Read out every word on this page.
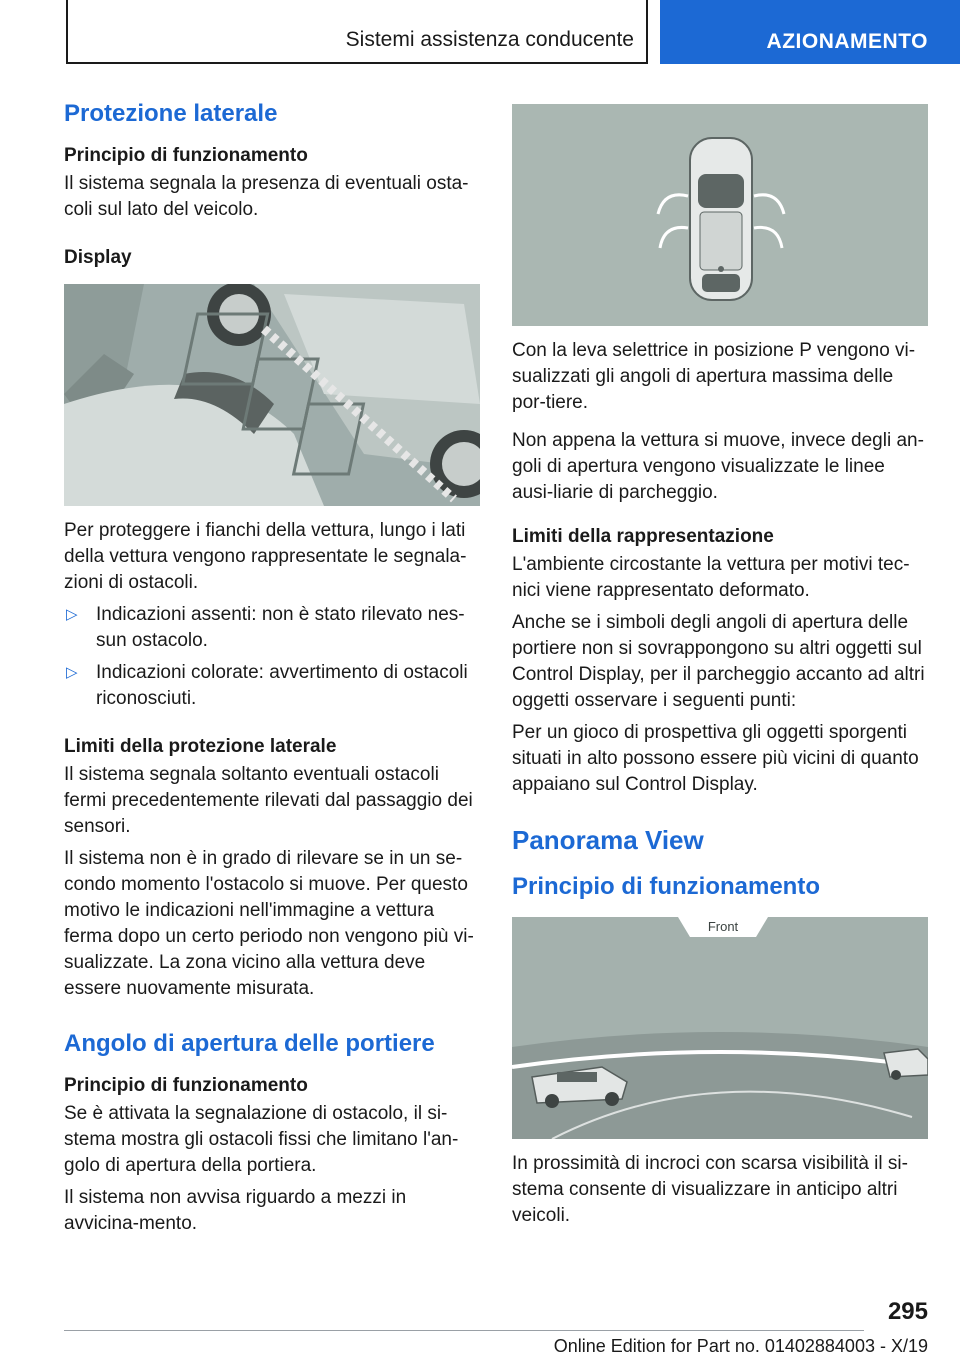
Sistemi assistenza conducente	AZIONAMENTO
Protezione laterale
Principio di funzionamento

Il sistema segnala la presenza di eventuali osta-coli sul lato del veicolo.

Display

Per proteggere i fianchi della vettura, lungo i lati della vettura vengono rappresentate le segnala-zioni di ostacoli.

▷ Indicazioni assenti: non è stato rilevato nes-sun ostacolo.
▷ Indicazioni colorate: avvertimento di ostacoli riconosciuti.
Limiti della protezione laterale

Il sistema segnala soltanto eventuali ostacoli fermi precedentemente rilevati dal passaggio dei sensori.

Il sistema non è in grado di rilevare se in un se-condo momento l'ostacolo si muove. Per questo motivo le indicazioni nell'immagine a vettura ferma dopo un certo periodo non vengono più vi-sualizzate. La zona vicino alla vettura deve essere nuovamente misurata.

Angolo di apertura delle portiere
Principio di funzionamento

Se è attivata la segnalazione di ostacolo, il si-stema mostra gli ostacoli fissi che limitano l'an-golo di apertura della portiera.

Il sistema non avvisa riguardo a mezzi in avvicina-mento.

Con la leva selettrice in posizione P vengono vi-sualizzati gli angoli di apertura massima delle por-tiere.

Non appena la vettura si muove, invece degli an-goli di apertura vengono visualizzate le linee ausi-liarie di parcheggio.

Limiti della rappresentazione

L'ambiente circostante la vettura per motivi tec-nici viene rappresentato deformato.

Anche se i simboli degli angoli di apertura delle portiere non si sovrappongono su altri oggetti sul Control Display, per il parcheggio accanto ad altri oggetti osservare i seguenti punti:

Per un gioco di prospettiva gli oggetti sporgenti situati in alto possono essere più vicini di quanto appaiano sul Control Display.

Panorama View
Principio di funzionamento
Front

In prossimità di incroci con scarsa visibilità il si-stema consente di visualizzare in anticipo altri veicoli.

295
Online Edition for Part no. 01402884003 - X/19
